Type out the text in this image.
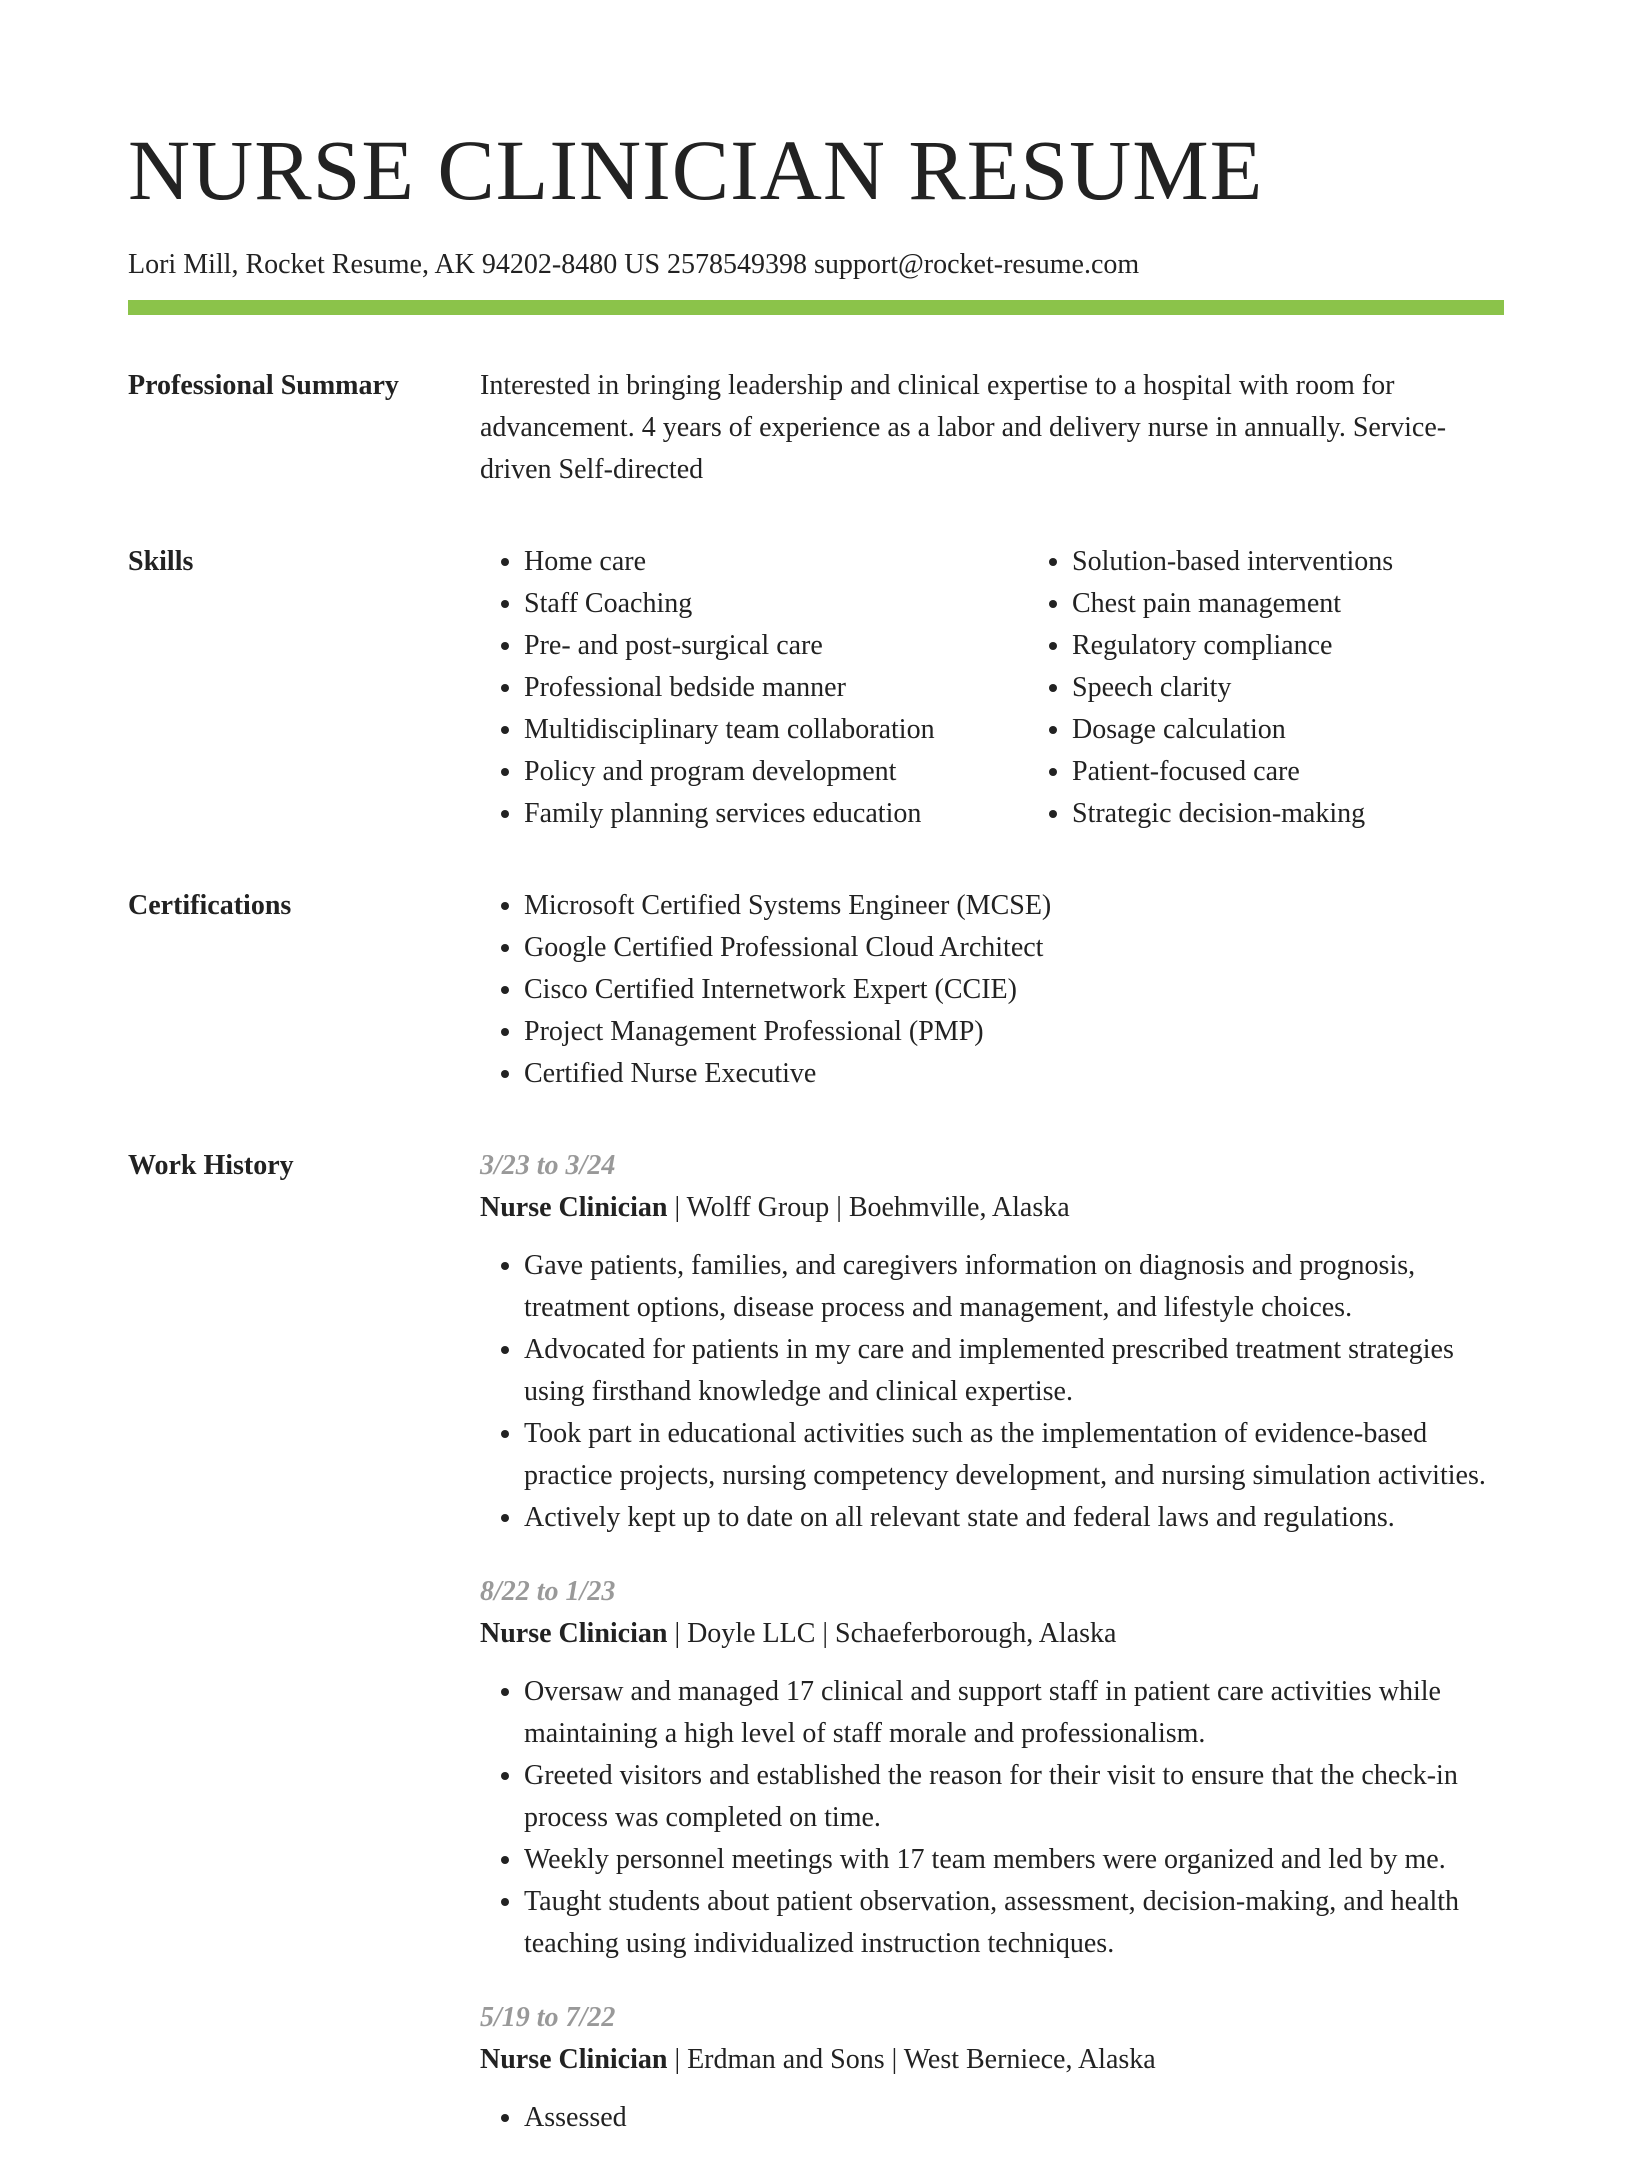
NURSE CLINICIAN RESUME
Lori Mill, Rocket Resume, AK 94202-8480 US 2578549398 support@rocket-resume.com
Professional Summary	Interested in bringing leadership and clinical expertise to a hospital with room for advancement. 4 years of experience as a labor and delivery nurse in annually. Service-driven Self-directed

Skills	• Home care
• Staff Coaching
• Pre- and post-surgical care
• Professional bedside manner
• Multidisciplinary team collaboration
• Policy and program development
• Family planning services education
• Solution-based interventions
• Chest pain management
• Regulatory compliance
• Speech clarity
• Dosage calculation
• Patient-focused care
• Strategic decision-making
Certifications	• Microsoft Certified Systems Engineer (MCSE)
• Google Certified Professional Cloud Architect
• Cisco Certified Internetwork Expert (CCIE)
• Project Management Professional (PMP)
• Certified Nurse Executive
Work History	3/23 to 3/24
Nurse Clinician | Wolff Group | Boehmville, Alaska
• Gave patients, families, and caregivers information on diagnosis and prognosis, treatment options, disease process and management, and lifestyle choices.
• Advocated for patients in my care and implemented prescribed treatment strategies using firsthand knowledge and clinical expertise.
• Took part in educational activities such as the implementation of evidence-based practice projects, nursing competency development, and nursing simulation activities.
• Actively kept up to date on all relevant state and federal laws and regulations.
8/22 to 1/23
Nurse Clinician | Doyle LLC | Schaeferborough, Alaska
• Oversaw and managed 17 clinical and support staff in patient care activities while maintaining a high level of staff morale and professionalism.
• Greeted visitors and established the reason for their visit to ensure that the check-in process was completed on time.
• Weekly personnel meetings with 17 team members were organized and led by me.
• Taught students about patient observation, assessment, decision-making, and health teaching using individualized instruction techniques.
5/19 to 7/22
Nurse Clinician | Erdman and Sons | West Berniece, Alaska
• Assessed
